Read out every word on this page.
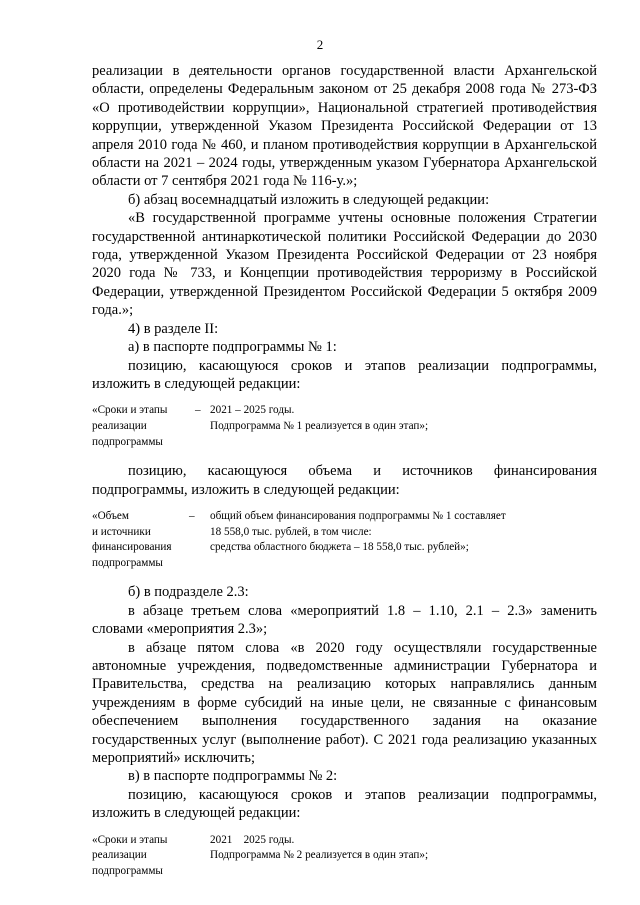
2

реализации в деятельности органов государственной власти Архангельской области, определены Федеральным законом от 25 декабря 2008 года № 273-ФЗ «О противодействии коррупции», Национальной стратегией противодействия коррупции, утвержденной Указом Президента Российской Федерации от 13 апреля 2010 года № 460, и планом противодействия коррупции в Архангельской области на 2021 – 2024 годы, утвержденным указом Губернатора Архангельской области от 7 сентября 2021 года № 116-у.»;

б) абзац восемнадцатый изложить в следующей редакции:

«В государственной программе учтены основные положения Стратегии государственной антинаркотической политики Российской Федерации до 2030 года, утвержденной Указом Президента Российской Федерации от 23 ноября 2020 года № 733, и Концепции противодействия терроризму в Российской Федерации, утвержденной Президентом Российской Федерации 5 октября 2009 года.»;

4) в разделе II:

а) в паспорте подпрограммы № 1:

позицию, касающуюся сроков и этапов реализации подпрограммы, изложить в следующей редакции:

«Сроки и этапы
реализации
подпрограммы
– 2021 – 2025 годы.
Подпрограмма № 1 реализуется в один этап»;

позицию, касающуюся объема и источников финансирования подпрограммы, изложить в следующей редакции:

«Объем
и источники
финансирования
подпрограммы
–	общий объем финансирования подпрограммы № 1 составляет
18 558,0 тыс. рублей, в том числе:
средства областного бюджета – 18 558,0 тыс. рублей»;

б) в подразделе 2.3:

в абзаце третьем слова «мероприятий 1.8 – 1.10, 2.1 – 2.3» заменить словами «мероприятия 2.3»;

в абзаце пятом слова «в 2020 году осуществляли государственные автономные учреждения, подведомственные администрации Губернатора и Правительства, средства на реализацию которых направлялись данным учреждениям в форме субсидий на иные цели, не связанные с финансовым обеспечением выполнения государственного задания на оказание государственных услуг (выполнение работ). С 2021 года реализацию указанных мероприятий» исключить;

в) в паспорте подпрограммы № 2:

позицию, касающуюся сроков и этапов реализации подпрограммы, изложить в следующей редакции:

«Сроки и этапы
реализации
подпрограммы
2021    2025 годы.
Подпрограмма № 2 реализуется в один этап»;
